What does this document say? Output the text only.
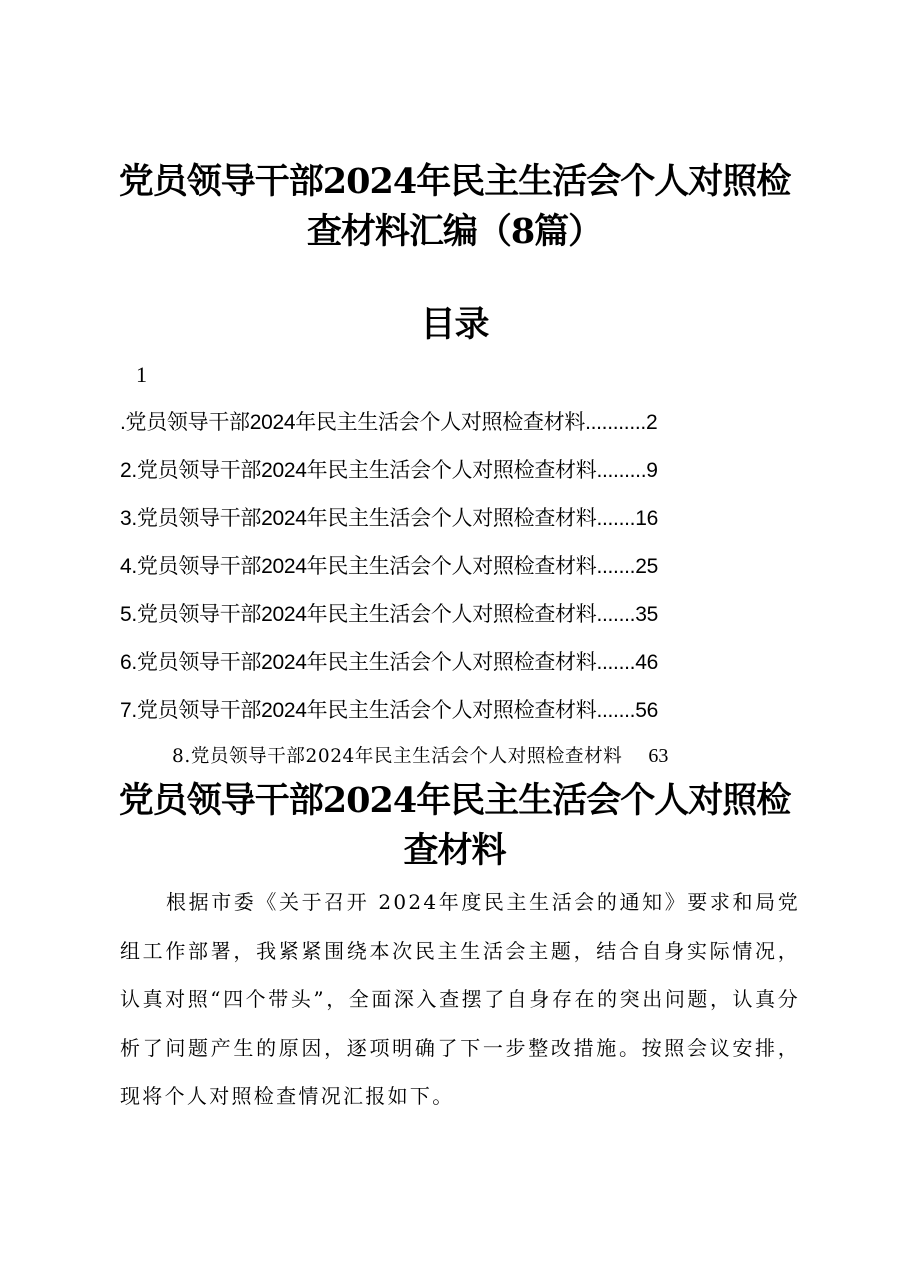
党员领导干部2024年民主生活会个人对照检
查材料汇编（8篇）
目录
1
.党员领导干部2024年民主生活会个人对照检查材料...........2
2.党员领导干部2024年民主生活会个人对照检查材料.........9
3.党员领导干部2024年民主生活会个人对照检查材料.......16
4.党员领导干部2024年民主生活会个人对照检查材料.......25
5.党员领导干部2024年民主生活会个人对照检查材料.......35
6.党员领导干部2024年民主生活会个人对照检查材料.......46
7.党员领导干部2024年民主生活会个人对照检查材料.......56
8.党员领导干部2024年民主生活会个人对照检查材料 63
党员领导干部2024年民主生活会个人对照检
查材料

根据市委《关于召开 2024年度民主生活会的通知》要求和局党组工作部署，我紧紧围绕本次民主生活会主题，结合自身实际情况，认真对照“四个带头”，全面深入查摆了自身存在的突出问题，认真分析了问题产生的原因，逐项明确了下一步整改措施。按照会议安排，现将个人对照检查情况汇报如下。
